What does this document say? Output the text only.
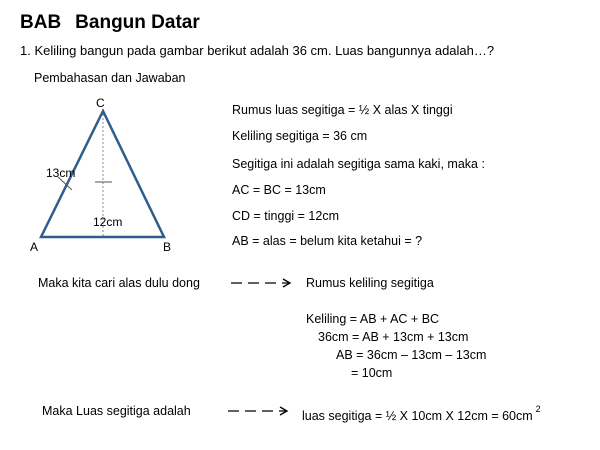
BAB Bangun Datar
1. Keliling bangun pada gambar berikut adalah 36 cm. Luas bangunnya adalah…?
Pembahasan dan Jawaban
C
A	B
13cm
12cm
Rumus luas segitiga = ½ X alas X tinggi
Keliling segitiga = 36 cm
Segitiga ini adalah segitiga sama kaki, maka :
AC = BC = 13cm
CD = tinggi = 12cm
AB = alas = belum kita ketahui = ?
Maka kita cari alas dulu dong	Rumus keliling segitiga
Keliling = AB + AC + BC
36cm = AB + 13cm + 13cm
AB = 36cm – 13cm – 13cm
= 10cm
Maka Luas segitiga adalah	luas segitiga = ½ X 10cm X 12cm = 60cm $^2$
